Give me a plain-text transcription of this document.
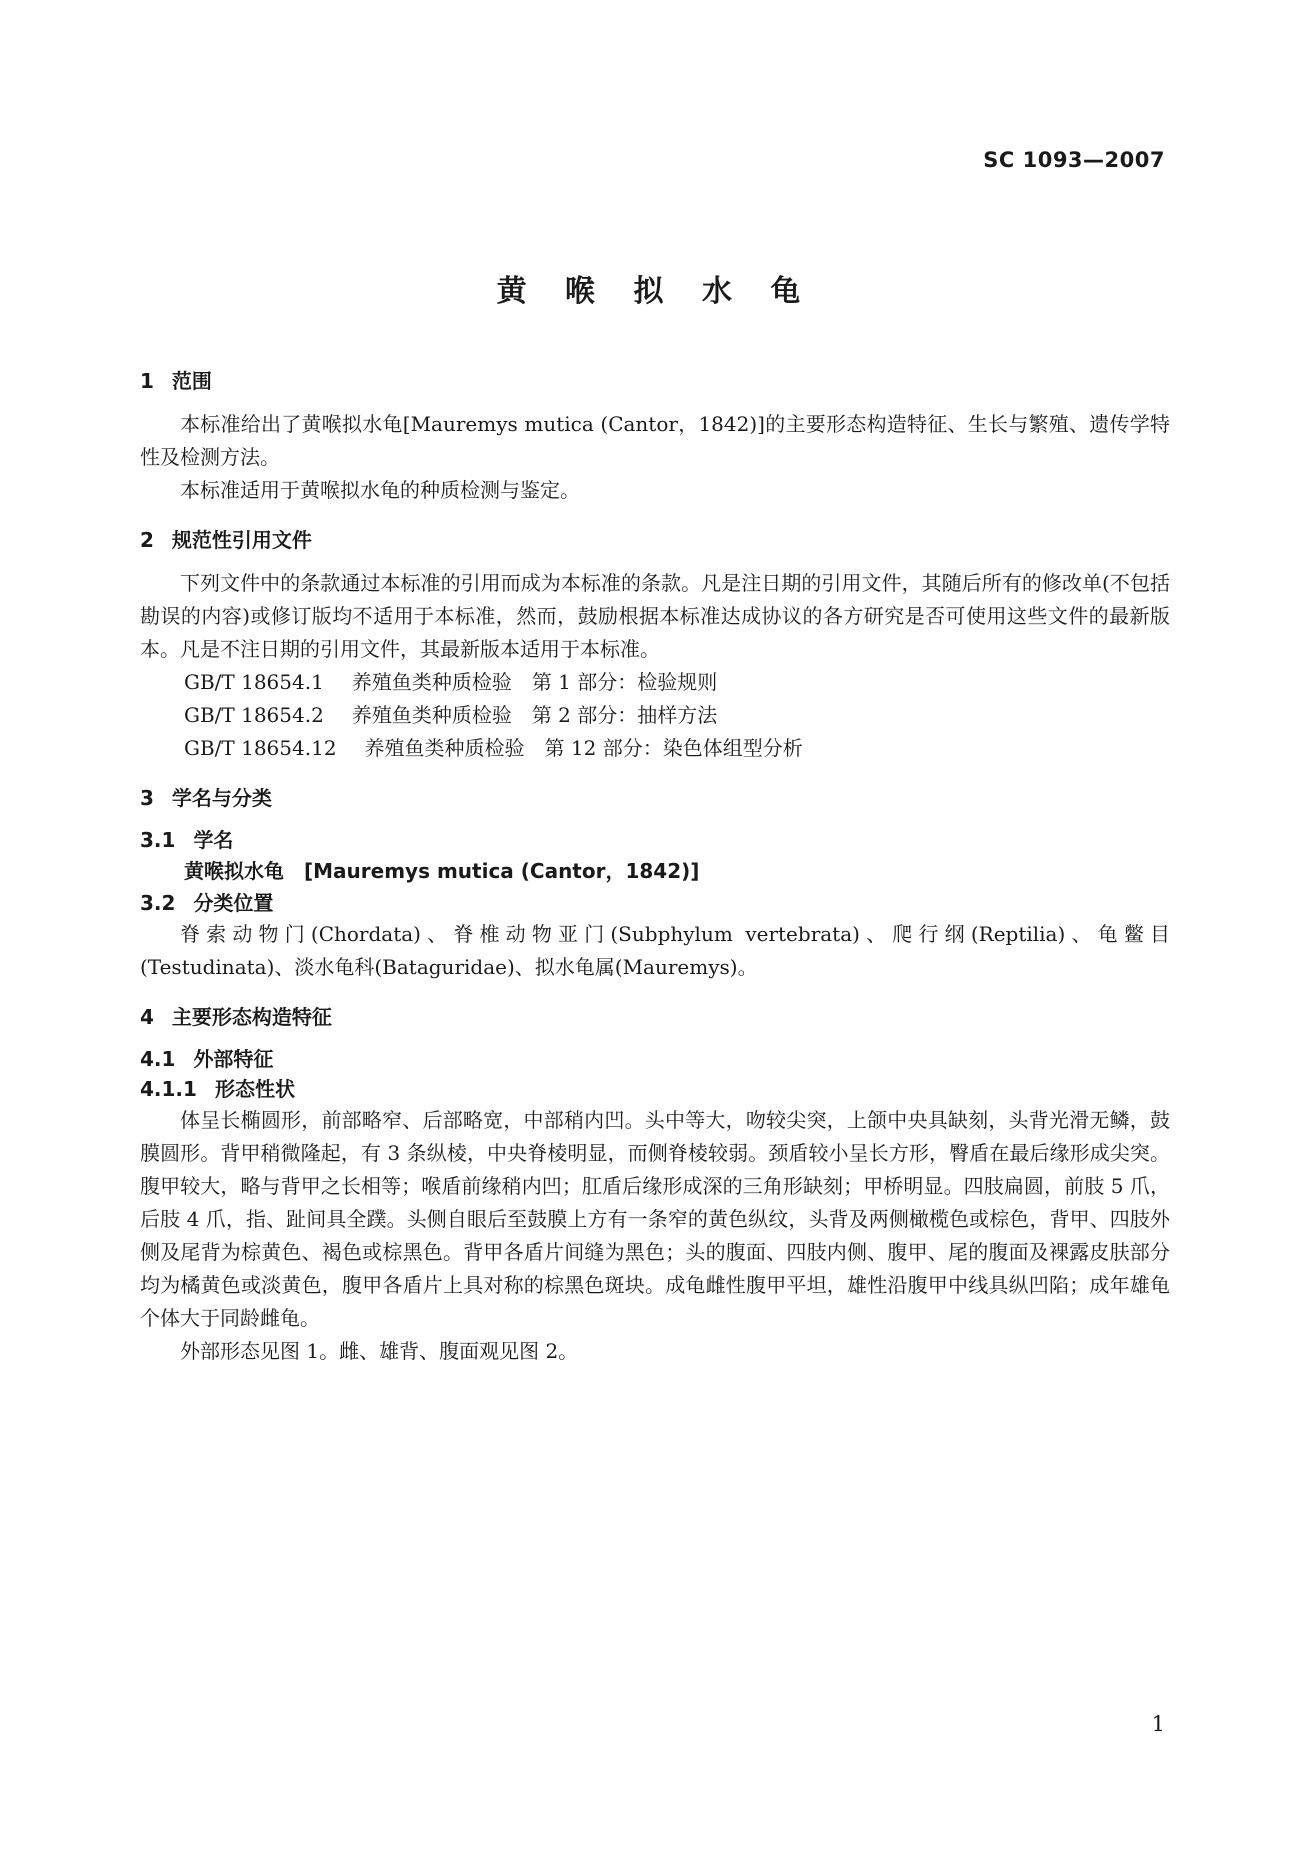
SC 1093—2007
黄 喉 拟 水 龟
1 范围

本标准给出了黄喉拟水龟[Mauremys mutica (Cantor，1842)]的主要形态构造特征、生长与繁殖、遗传学特性及检测方法。

本标准适用于黄喉拟水龟的种质检测与鉴定。

2 规范性引用文件

下列文件中的条款通过本标准的引用而成为本标准的条款。凡是注日期的引用文件，其随后所有的修改单(不包括勘误的内容)或修订版均不适用于本标准，然而，鼓励根据本标准达成协议的各方研究是否可使用这些文件的最新版本。凡是不注日期的引用文件，其最新版本适用于本标准。

GB/T 18654.1 养殖鱼类种质检验　第 1 部分：检验规则

GB/T 18654.2 养殖鱼类种质检验　第 2 部分：抽样方法

GB/T 18654.12 养殖鱼类种质检验　第 12 部分：染色体组型分析

3 学名与分类
3.1 学名

黄喉拟水龟　[Mauremys mutica (Cantor，1842)]

3.2 分类位置

脊索动物门(Chordata)、脊椎动物亚门(Subphylum vertebrata)、爬行纲(Reptilia)、龟鳖目(Testudinata)、淡水龟科(Bataguridae)、拟水龟属(Mauremys)。

4 主要形态构造特征
4.1 外部特征
4.1.1 形态性状

体呈长椭圆形，前部略窄、后部略宽，中部稍内凹。头中等大，吻较尖突，上颌中央具缺刻，头背光滑无鳞，鼓膜圆形。背甲稍微隆起，有 3 条纵棱，中央脊棱明显，而侧脊棱较弱。颈盾较小呈长方形，臀盾在最后缘形成尖突。腹甲较大，略与背甲之长相等；喉盾前缘稍内凹；肛盾后缘形成深的三角形缺刻；甲桥明显。四肢扁圆，前肢 5 爪，后肢 4 爪，指、趾间具全蹼。头侧自眼后至鼓膜上方有一条窄的黄色纵纹，头背及两侧橄榄色或棕色，背甲、四肢外侧及尾背为棕黄色、褐色或棕黑色。背甲各盾片间缝为黑色；头的腹面、四肢内侧、腹甲、尾的腹面及裸露皮肤部分均为橘黄色或淡黄色，腹甲各盾片上具对称的棕黑色斑块。成龟雌性腹甲平坦，雄性沿腹甲中线具纵凹陷；成年雄龟个体大于同龄雌龟。

外部形态见图 1。雌、雄背、腹面观见图 2。

1
